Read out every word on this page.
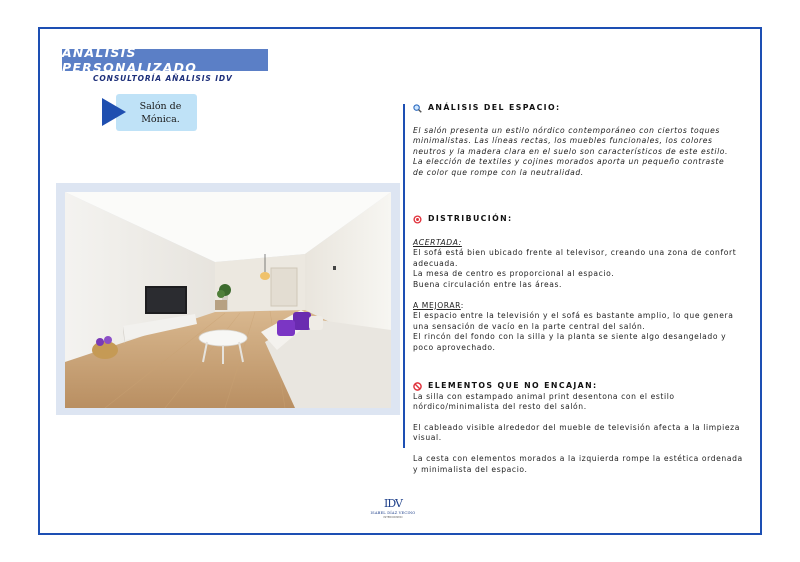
ANÁLISIS PERSONALIZADO
CONSULTORÍA AÑALISIS IDV
Salón de
Mónica.
ANÁLISIS DEL ESPACIO:

El salón presenta un estilo nórdico contemporáneo con ciertos toques minimalistas. Las líneas rectas, los muebles funcionales, los colores neutros y la madera clara en el suelo son característicos de este estilo. La elección de textiles y cojines morados aporta un pequeño contraste de color que rompe con la neutralidad.

DISTRIBUCIÓN:
ACERTADA:
El sofá está bien ubicado frente al televisor, creando una zona de confort adecuada.
La mesa de centro es proporcional al espacio.
Buena circulación entre las áreas.
A MEJORAR:
El espacio entre la televisión y el sofá es bastante amplio, lo que genera una sensación de vacío en la parte central del salón.
El rincón del fondo con la silla y la planta se siente algo desangelado y poco aprovechado.
ELEMENTOS QUE NO ENCAJAN:

La silla con estampado animal print desentona con el estilo nórdico/minimalista del resto del salón.

El cableado visible alrededor del mueble de televisión afecta a la limpieza visual.

La cesta con elementos morados a la izquierda rompe la estética ordenada y minimalista del espacio.

IDV
ISABEL DÍAZ VECINO
INTERIORISMO
